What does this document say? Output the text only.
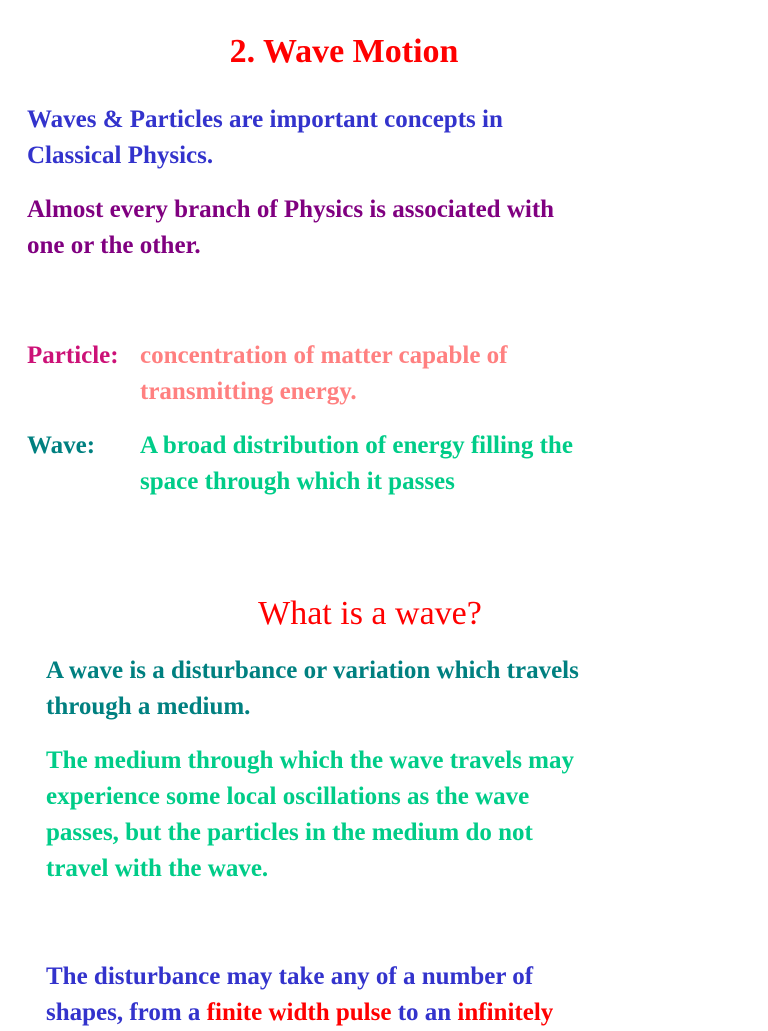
2. Wave Motion
Waves & Particles are important concepts in
Classical Physics.
Almost every branch of Physics is associated with
one or the other.
Particle: concentration of matter capable of
transmitting energy.
Wave: A broad distribution of energy filling the
space through which it passes
What is a wave?
A wave is a disturbance or variation which travels
through a medium.
The medium through which the wave travels may
experience some local oscillations as the wave
passes, but the particles in the medium do not
travel with the wave.
The disturbance may take any of a number of
shapes, from a finite width pulse to an infinitely
